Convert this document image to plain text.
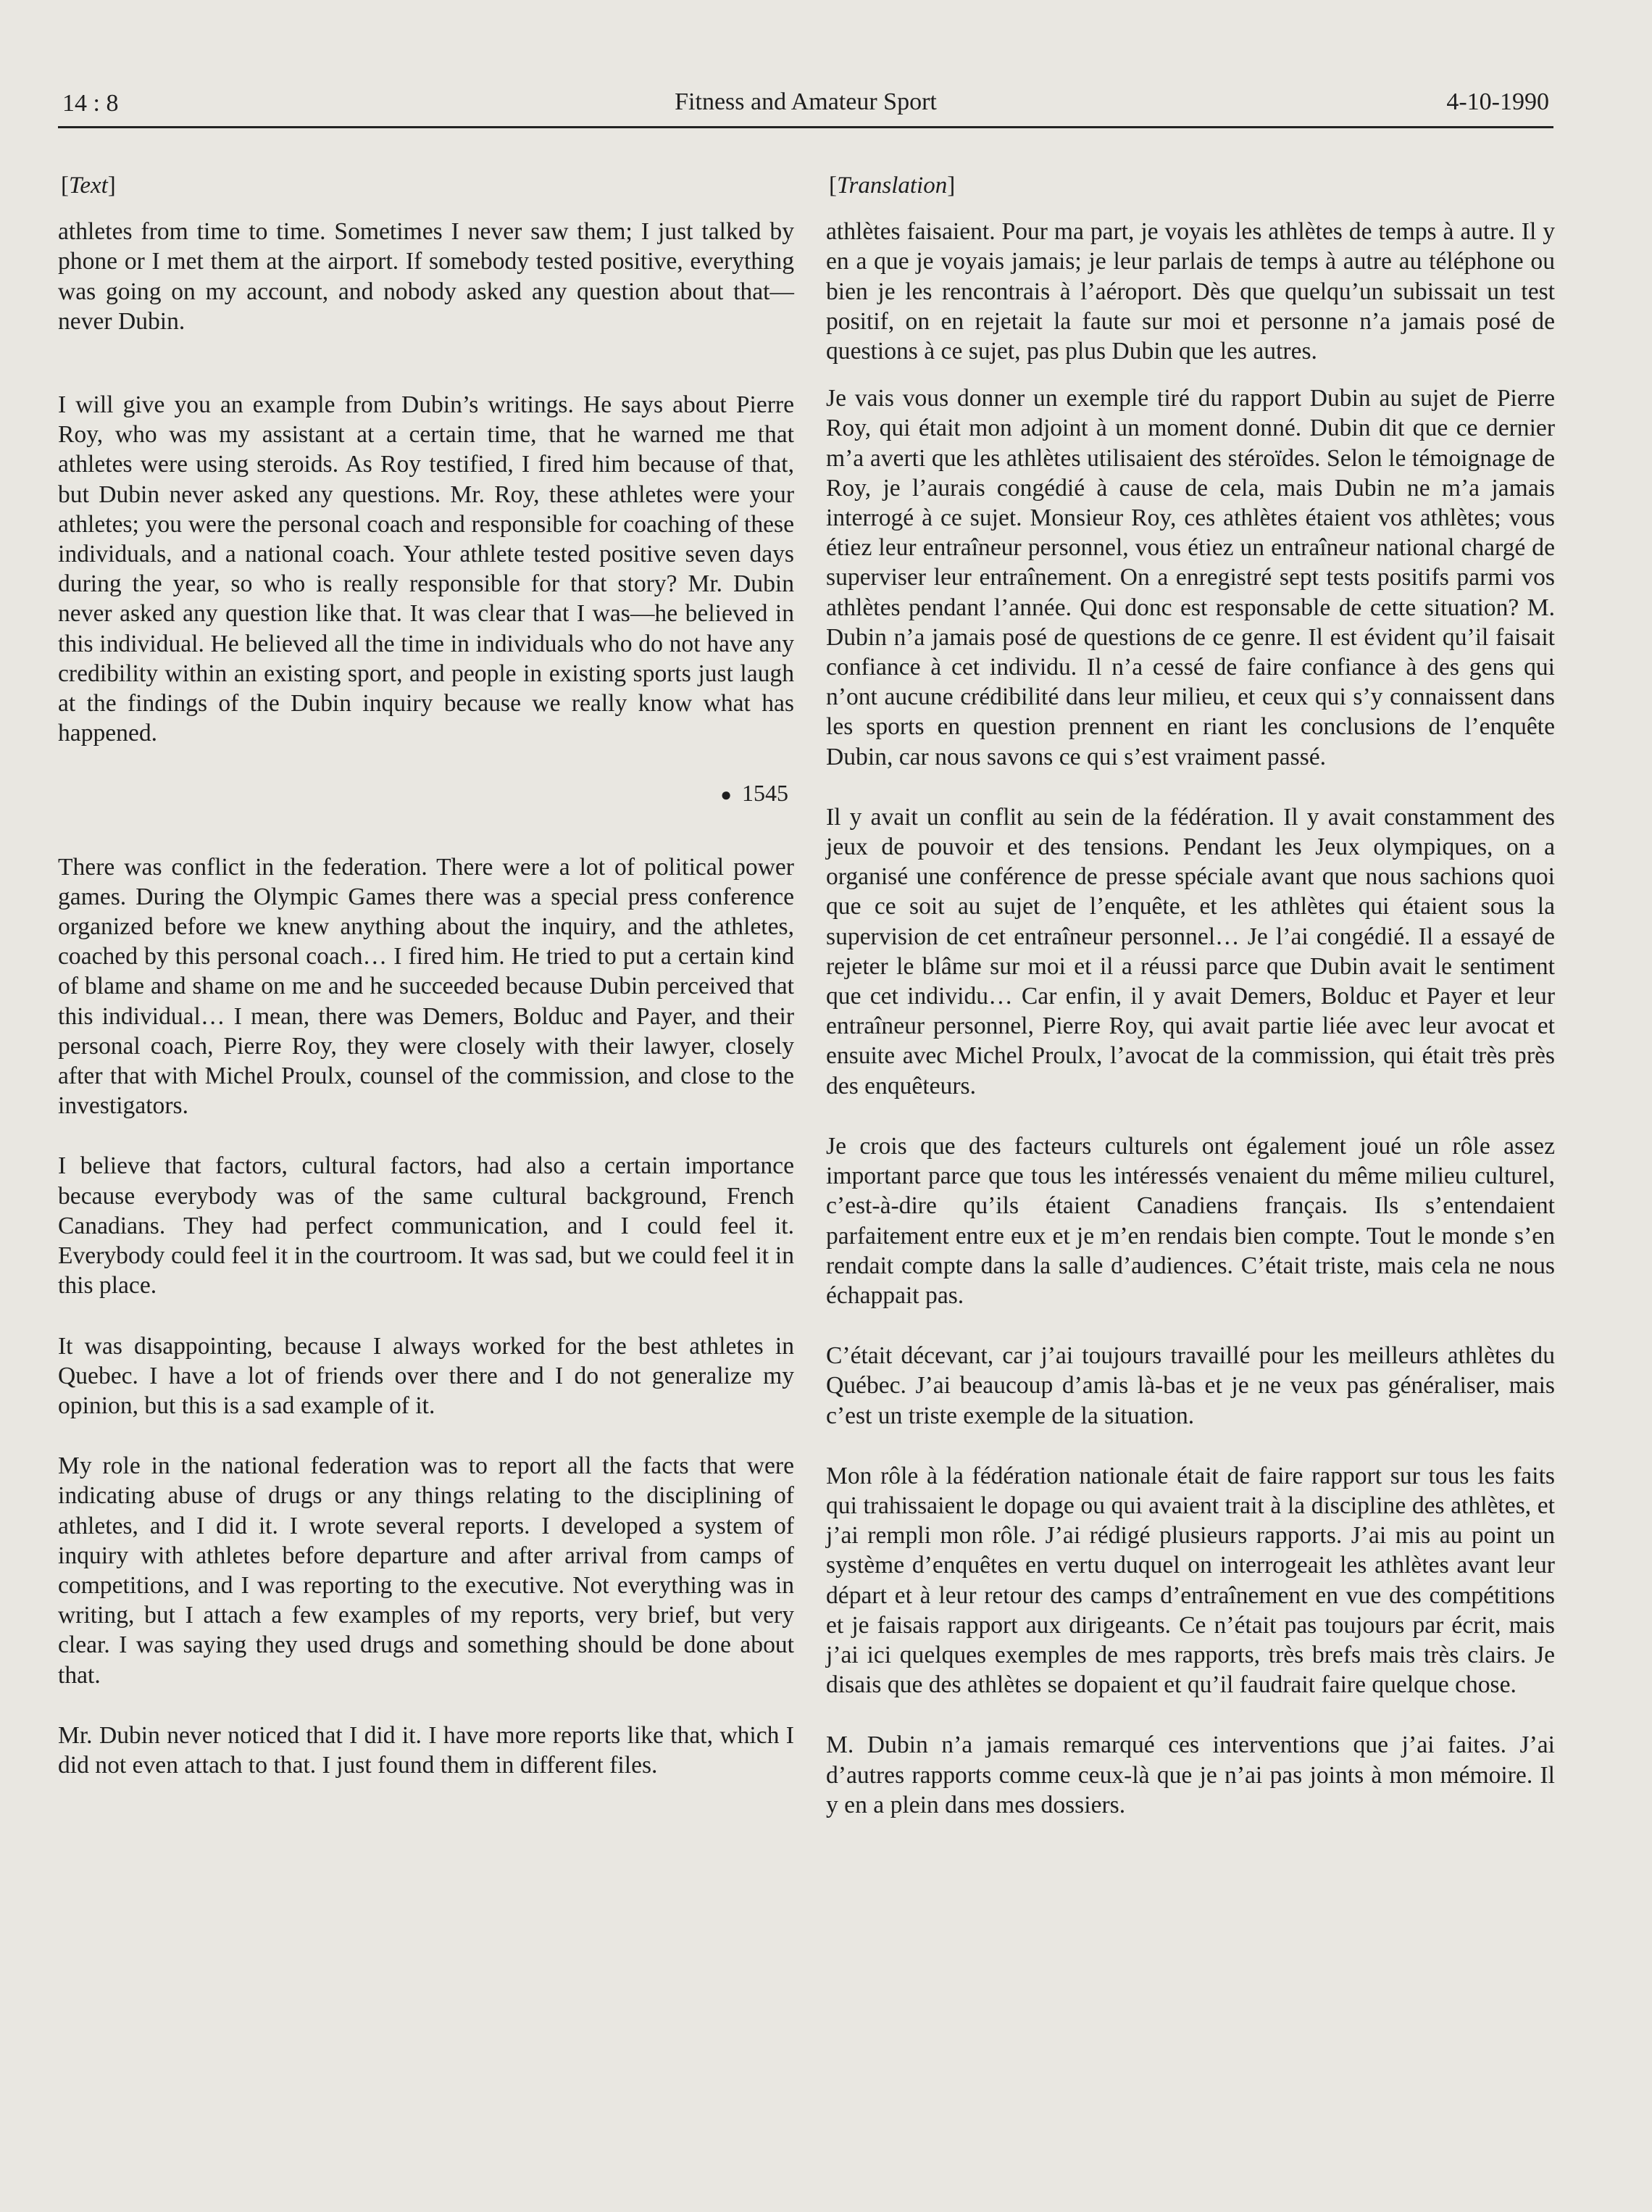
14 : 8	Fitness and Amateur Sport	4-10-1990
[Text]

athletes from time to time. Sometimes I never saw them; I just talked by phone or I met them at the airport. If somebody tested positive, everything was going on my account, and nobody asked any question about that—never Dubin.

I will give you an example from Dubin’s writings. He says about Pierre Roy, who was my assistant at a certain time, that he warned me that athletes were using steroids. As Roy testified, I fired him because of that, but Dubin never asked any questions. Mr. Roy, these athletes were your athletes; you were the personal coach and responsible for coaching of these individuals, and a national coach. Your athlete tested positive seven days during the year, so who is really responsible for that story? Mr. Dubin never asked any question like that. It was clear that I was—he believed in this individual. He believed all the time in individuals who do not have any credibility within an existing sport, and people in existing sports just laugh at the findings of the Dubin inquiry because we really know what has happened.

● 1545

There was conflict in the federation. There were a lot of political power games. During the Olympic Games there was a special press conference organized before we knew anything about the inquiry, and the athletes, coached by this personal coach… I fired him. He tried to put a certain kind of blame and shame on me and he succeeded because Dubin perceived that this individual… I mean, there was Demers, Bolduc and Payer, and their personal coach, Pierre Roy, they were closely with their lawyer, closely after that with Michel Proulx, counsel of the commission, and close to the investigators.

I believe that factors, cultural factors, had also a certain importance because everybody was of the same cultural background, French Canadians. They had perfect communication, and I could feel it. Everybody could feel it in the courtroom. It was sad, but we could feel it in this place.

It was disappointing, because I always worked for the best athletes in Quebec. I have a lot of friends over there and I do not generalize my opinion, but this is a sad example of it.

My role in the national federation was to report all the facts that were indicating abuse of drugs or any things relating to the disciplining of athletes, and I did it. I wrote several reports. I developed a system of inquiry with athletes before departure and after arrival from camps of competitions, and I was reporting to the executive. Not everything was in writing, but I attach a few examples of my reports, very brief, but very clear. I was saying they used drugs and something should be done about that.

Mr. Dubin never noticed that I did it. I have more reports like that, which I did not even attach to that. I just found them in different files.

[Translation]

athlètes faisaient. Pour ma part, je voyais les athlètes de temps à autre. Il y en a que je voyais jamais; je leur parlais de temps à autre au téléphone ou bien je les rencontrais à l’aéroport. Dès que quelqu’un subissait un test positif, on en rejetait la faute sur moi et personne n’a jamais posé de questions à ce sujet, pas plus Dubin que les autres.

Je vais vous donner un exemple tiré du rapport Dubin au sujet de Pierre Roy, qui était mon adjoint à un moment donné. Dubin dit que ce dernier m’a averti que les athlètes utilisaient des stéroïdes. Selon le témoignage de Roy, je l’aurais congédié à cause de cela, mais Dubin ne m’a jamais interrogé à ce sujet. Monsieur Roy, ces athlètes étaient vos athlètes; vous étiez leur entraîneur personnel, vous étiez un entraîneur national chargé de superviser leur entraînement. On a enregistré sept tests positifs parmi vos athlètes pendant l’année. Qui donc est responsable de cette situation? M. Dubin n’a jamais posé de questions de ce genre. Il est évident qu’il faisait confiance à cet individu. Il n’a cessé de faire confiance à des gens qui n’ont aucune crédibilité dans leur milieu, et ceux qui s’y connaissent dans les sports en question prennent en riant les conclusions de l’enquête Dubin, car nous savons ce qui s’est vraiment passé.

Il y avait un conflit au sein de la fédération. Il y avait constamment des jeux de pouvoir et des tensions. Pendant les Jeux olympiques, on a organisé une conférence de presse spéciale avant que nous sachions quoi que ce soit au sujet de l’enquête, et les athlètes qui étaient sous la supervision de cet entraîneur personnel… Je l’ai congédié. Il a essayé de rejeter le blâme sur moi et il a réussi parce que Dubin avait le sentiment que cet individu… Car enfin, il y avait Demers, Bolduc et Payer et leur entraîneur personnel, Pierre Roy, qui avait partie liée avec leur avocat et ensuite avec Michel Proulx, l’avocat de la commission, qui était très près des enquêteurs.

Je crois que des facteurs culturels ont également joué un rôle assez important parce que tous les intéressés venaient du même milieu culturel, c’est-à-dire qu’ils étaient Canadiens français. Ils s’entendaient parfaitement entre eux et je m’en rendais bien compte. Tout le monde s’en rendait compte dans la salle d’audiences. C’était triste, mais cela ne nous échappait pas.

C’était décevant, car j’ai toujours travaillé pour les meilleurs athlètes du Québec. J’ai beaucoup d’amis là-bas et je ne veux pas généraliser, mais c’est un triste exemple de la situation.

Mon rôle à la fédération nationale était de faire rapport sur tous les faits qui trahissaient le dopage ou qui avaient trait à la discipline des athlètes, et j’ai rempli mon rôle. J’ai rédigé plusieurs rapports. J’ai mis au point un système d’enquêtes en vertu duquel on interrogeait les athlètes avant leur départ et à leur retour des camps d’entraînement en vue des compétitions et je faisais rapport aux dirigeants. Ce n’était pas toujours par écrit, mais j’ai ici quelques exemples de mes rapports, très brefs mais très clairs. Je disais que des athlètes se dopaient et qu’il faudrait faire quelque chose.

M. Dubin n’a jamais remarqué ces interventions que j’ai faites. J’ai d’autres rapports comme ceux-là que je n’ai pas joints à mon mémoire. Il y en a plein dans mes dossiers.
